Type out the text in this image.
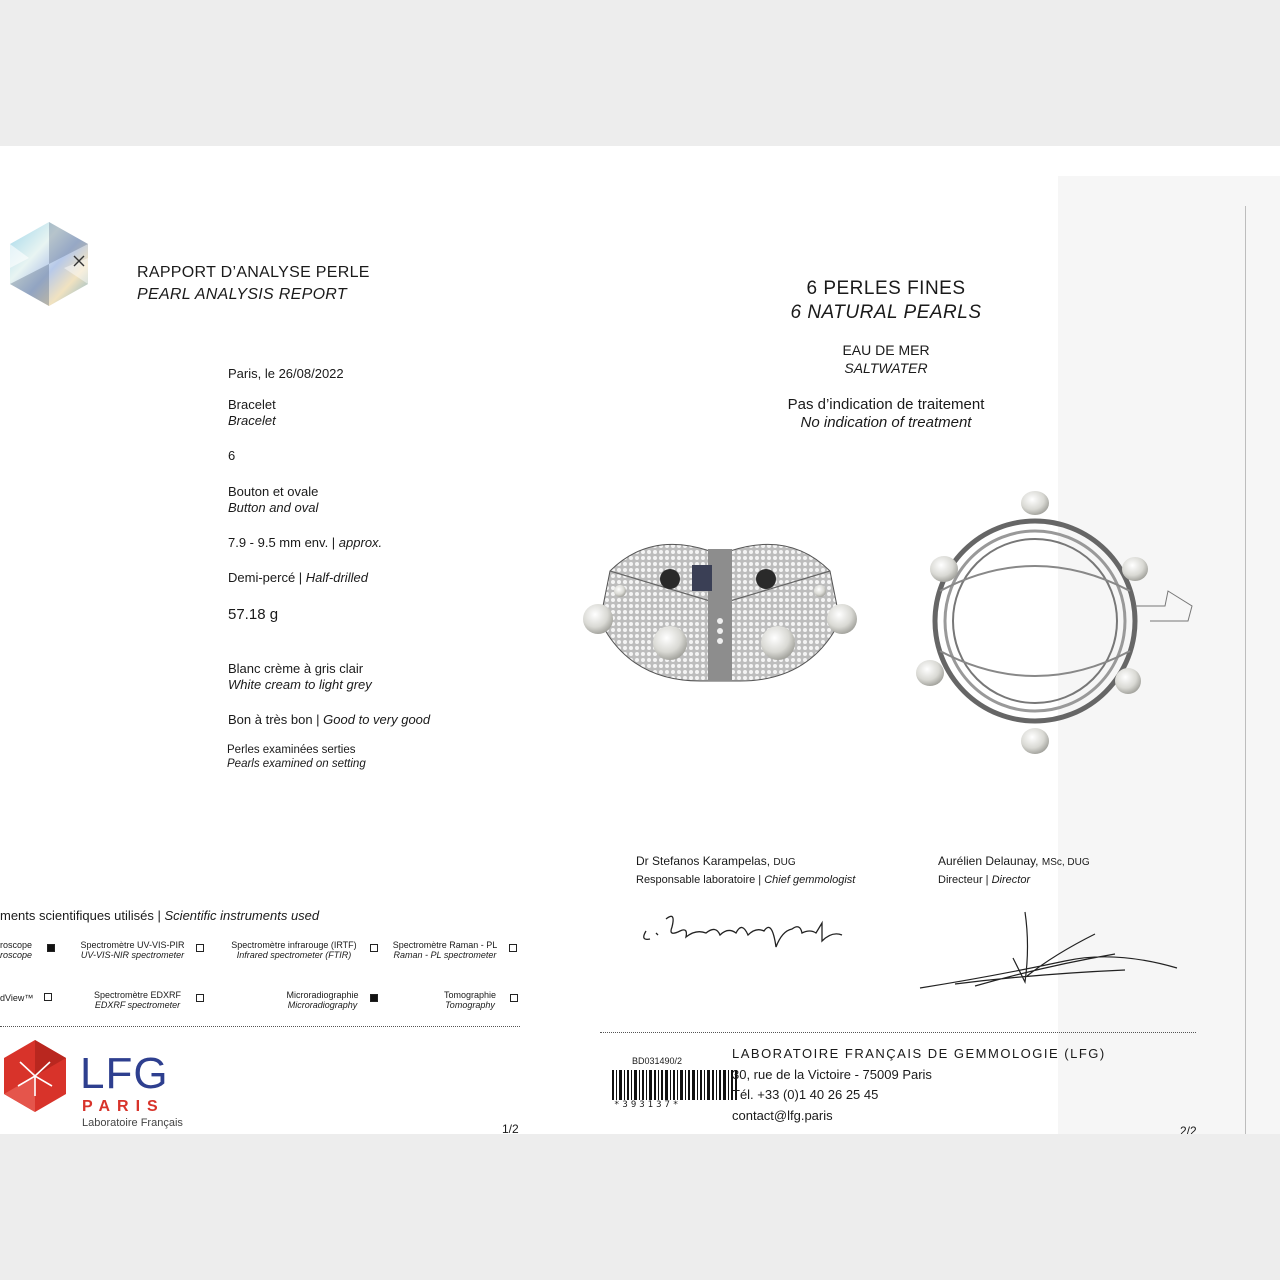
RAPPORT D’ANALYSE PERLE
PEARL ANALYSIS REPORT
Paris, le 26/08/2022
Bracelet
Bracelet
6
Bouton et ovale
Button and oval
7.9 - 9.5 mm env. | approx.
Demi-percé | Half-drilled
57.18 g
Blanc crème à gris clair
White cream to light grey
Bon à très bon | Good to very good
Perles examinées serties
Pearls examined on setting
ments scientifiques utilisés | Scientific instruments used
roscope
roscope
Spectromètre UV-VIS-PIR
UV-VIS-NIR spectrometer
Spectromètre infrarouge (IRTF)
Infrared spectrometer (FTIR)
Spectromètre Raman - PL
Raman - PL spectrometer
dView™	Spectromètre EDXRF
EDXRF spectrometer
Microradiographie
Microradiography
Tomographie
Tomography
LFG
PARIS
Laboratoire Français	1/2
6 PERLES FINES
6 NATURAL PEARLS
EAU DE MER
SALTWATER
Pas d’indication de traitement
No indication of treatment
Dr Stefanos Karampelas, DUG
Responsable laboratoire | Chief gemmologist
Aurélien Delaunay, MSc, DUG
Directeur | Director
BD031490/2
*393137*
LABORATOIRE FRANÇAIS DE GEMMOLOGIE (LFG)
30, rue de la Victoire - 75009 Paris
Tél. +33 (0)1 40 26 25 45
contact@lfg.paris
2/2
